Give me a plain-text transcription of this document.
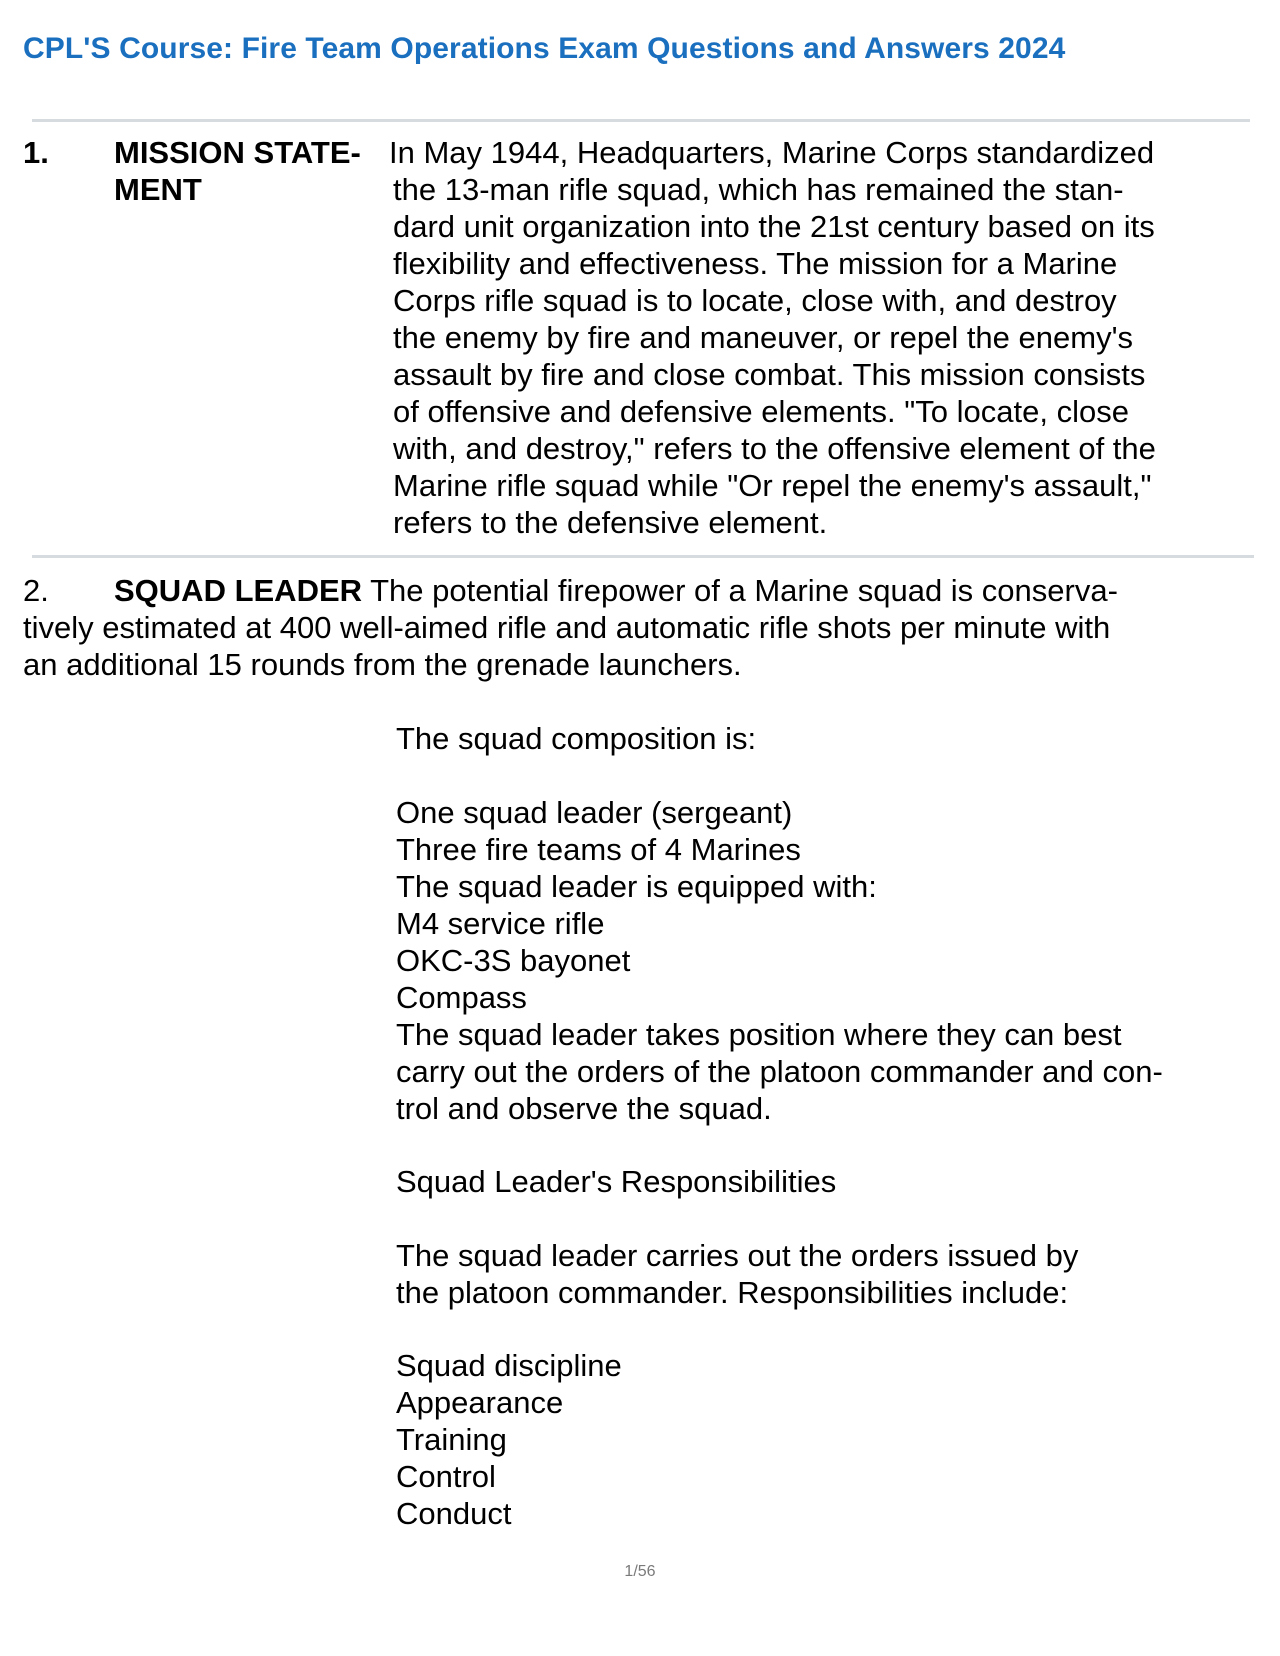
CPL'S Course: Fire Team Operations Exam Questions and Answers 2024
1. MISSION STATE-
MENT
In May 1944, Headquarters, Marine Corps standardized
the 13-man rifle squad, which has remained the stan-
dard unit organization into the 21st century based on its
flexibility and effectiveness. The mission for a Marine
Corps rifle squad is to locate, close with, and destroy
the enemy by fire and maneuver, or repel the enemy's
assault by fire and close combat. This mission consists
of offensive and defensive elements. "To locate, close
with, and destroy," refers to the offensive element of the
Marine rifle squad while "Or repel the enemy's assault,"
refers to the defensive element.
2. SQUAD LEADER The potential firepower of a Marine squad is conserva-
tively estimated at 400 well-aimed rifle and automatic rifle shots per minute with
an additional 15 rounds from the grenade launchers.
The squad composition is:
One squad leader (sergeant)
Three fire teams of 4 Marines
The squad leader is equipped with:
M4 service rifle
OKC-3S bayonet
Compass
The squad leader takes position where they can best
carry out the orders of the platoon commander and con-
trol and observe the squad.
Squad Leader's Responsibilities
The squad leader carries out the orders issued by
the platoon commander. Responsibilities include:
Squad discipline
Appearance
Training
Control
Conduct
1/56
